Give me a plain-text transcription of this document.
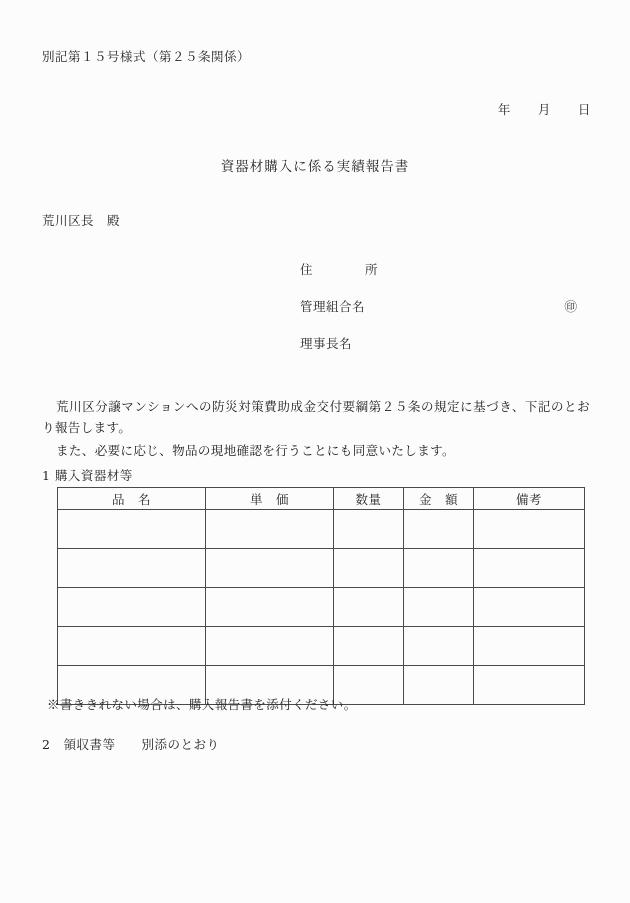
別記第１５号様式（第２５条関係）

年 月 日

資器材購入に係る実績報告書
荒川区長　殿
住　　　　所
管理組合名	㊞
理事長名

荒川区分譲マンションへの防災対策費助成金交付要綱第２５条の規定に基づき、下記のとおり報告します。

また、必要に応じ、物品の現地確認を行うことにも同意いたします。

1 購入資器材等
品　名	単　価	数量	金　額	備考

※書ききれない場合は、購入報告書を添付ください。
2　領収書等　　別添のとおり
